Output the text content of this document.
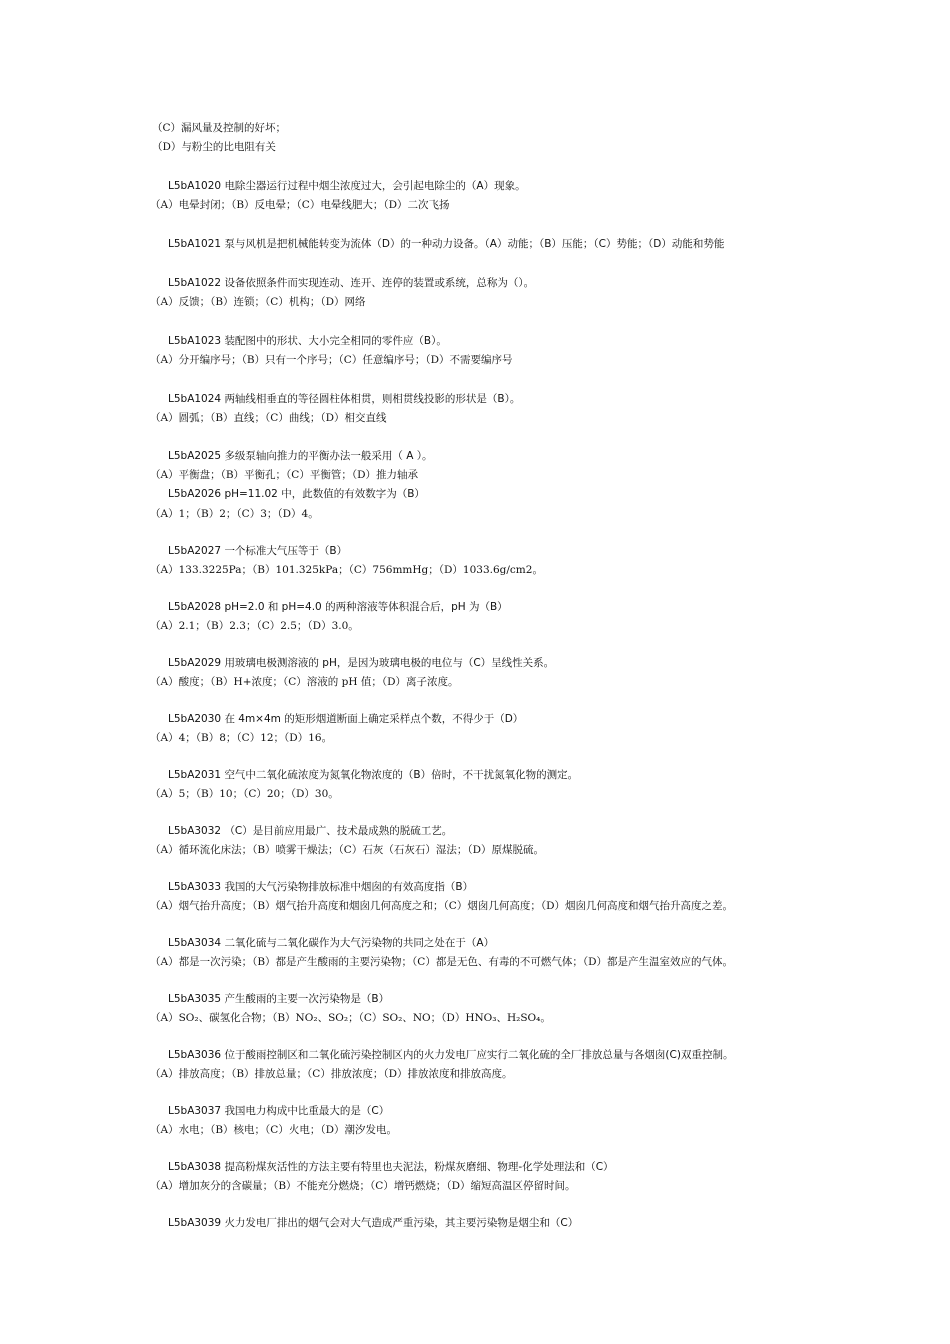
（C）漏风量及控制的好坏；
（D）与粉尘的比电阻有关
L5bA1020 电除尘器运行过程中烟尘浓度过大，会引起电除尘的（A）现象。
（A）电晕封闭；（B）反电晕；（C）电晕线肥大；（D）二次飞扬
L5bA1021 泵与风机是把机械能转变为流体（D）的一种动力设备。（A）动能；（B）压能；（C）势能；（D）动能和势能
L5bA1022 设备依照条件而实现连动、连开、连停的装置或系统，总称为（）。
（A）反馈；（B）连锁；（C）机构；（D）网络
L5bA1023 装配图中的形状、大小完全相同的零件应（B）。
（A）分开编序号；（B）只有一个序号；（C）任意编序号；（D）不需要编序号
L5bA1024 两轴线相垂直的等径圆柱体相贯，则相贯线投影的形状是（B）。
（A）圆弧；（B）直线；（C）曲线；（D）相交直线
L5bA2025 多级泵轴向推力的平衡办法一般采用（ A ）。
（A）平衡盘；（B）平衡孔；（C）平衡管；（D）推力轴承
L5bA2026 pH=11.02 中，此数值的有效数字为（B）
（A）1；（B）2；（C）3；（D）4。
L5bA2027 一个标准大气压等于（B）
（A）133.3225Pa；（B）101.325kPa；（C）756mmHg；（D）1033.6g/cm2。
L5bA2028 pH=2.0 和 pH=4.0 的两种溶液等体积混合后，pH 为（B）
（A）2.1；（B）2.3；（C）2.5；（D）3.0。
L5bA2029 用玻璃电极测溶液的 pH，是因为玻璃电极的电位与（C）呈线性关系。
（A）酸度；（B）H+浓度；（C）溶液的 pH 值；（D）离子浓度。
L5bA2030 在 4m×4m 的矩形烟道断面上确定采样点个数，不得少于（D）
（A）4；（B）8；（C）12；（D）16。
L5bA2031 空气中二氧化硫浓度为氮氧化物浓度的（B）倍时，不干扰氮氧化物的测定。
（A）5；（B）10；（C）20；（D）30。
L5bA3032 （C）是目前应用最广、技术最成熟的脱硫工艺。
（A）循环流化床法；（B）喷雾干燥法；（C）石灰（石灰石）湿法；（D）原煤脱硫。
L5bA3033 我国的大气污染物排放标准中烟囱的有效高度指（B）
（A）烟气抬升高度；（B）烟气抬升高度和烟囱几何高度之和；（C）烟囱几何高度；（D）烟囱几何高度和烟气抬升高度之差。
L5bA3034 二氧化硫与二氧化碳作为大气污染物的共同之处在于（A）
（A）都是一次污染；（B）都是产生酸雨的主要污染物；（C）都是无色、有毒的不可燃气体；（D）都是产生温室效应的气体。
L5bA3035 产生酸雨的主要一次污染物是（B）
（A）SO₂、碳氢化合物；（B）NO₂、SO₂；（C）SO₂、NO；（D）HNO₃、H₂SO₄。
L5bA3036 位于酸雨控制区和二氧化硫污染控制区内的火力发电厂应实行二氧化硫的全厂排放总量与各烟囱(C)双重控制。
（A）排放高度；（B）排放总量；（C）排放浓度；（D）排放浓度和排放高度。
L5bA3037 我国电力构成中比重最大的是（C）
（A）水电；（B）核电；（C）火电；（D）潮汐发电。
L5bA3038 提高粉煤灰活性的方法主要有特里也夫泥法，粉煤灰磨细、物理-化学处理法和（C）
（A）增加灰分的含碳量；（B）不能充分燃烧；（C）增钙燃烧；（D）缩短高温区停留时间。
L5bA3039 火力发电厂排出的烟气会对大气造成严重污染，其主要污染物是烟尘和（C）
